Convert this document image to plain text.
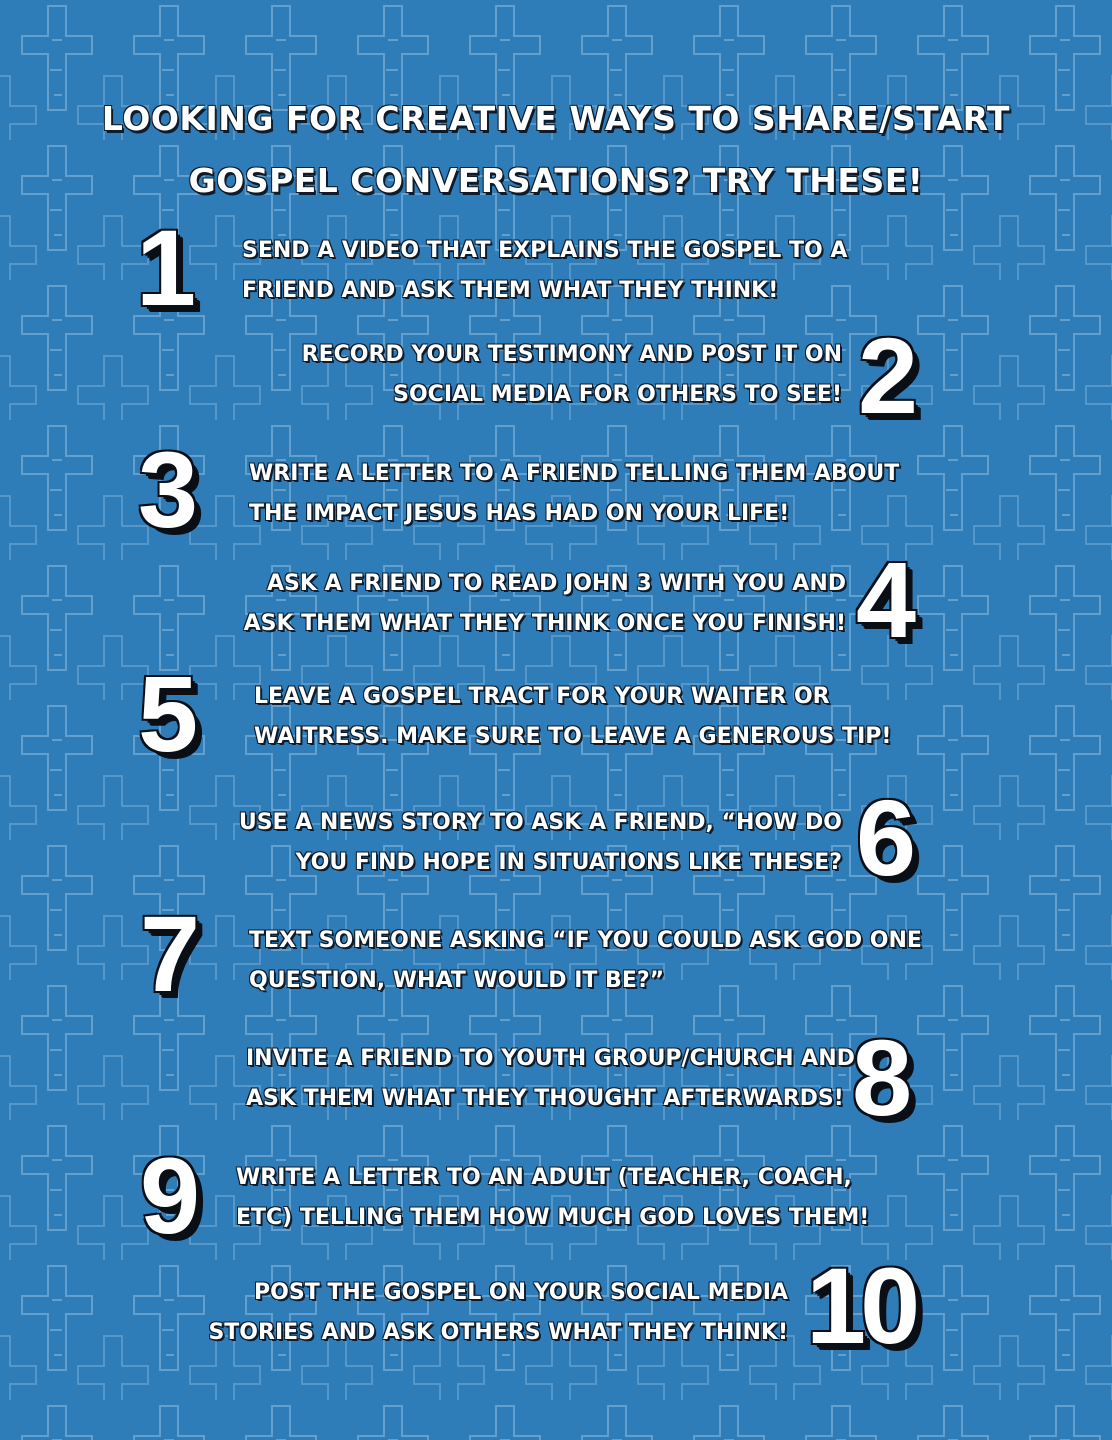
LOOKING FOR CREATIVE WAYS TO SHARE/START
GOSPEL CONVERSATIONS? TRY THESE!
1 SEND A VIDEO THAT EXPLAINS THE GOSPEL TO A
FRIEND AND ASK THEM WHAT THEY THINK!
2
RECORD YOUR TESTIMONY AND POST IT ON
SOCIAL MEDIA FOR OTHERS TO SEE!
3	WRITE A LETTER TO A FRIEND TELLING THEM ABOUT
THE IMPACT JESUS HAS HAD ON YOUR LIFE!
4
ASK A FRIEND TO READ JOHN 3 WITH YOU AND
ASK THEM WHAT THEY THINK ONCE YOU FINISH!
5	LEAVE A GOSPEL TRACT FOR YOUR WAITER OR
WAITRESS. MAKE SURE TO LEAVE A GENEROUS TIP!
6
USE A NEWS STORY TO ASK A FRIEND, “HOW DO
YOU FIND HOPE IN SITUATIONS LIKE THESE?
7 TEXT SOMEONE ASKING “IF YOU COULD ASK GOD ONE
QUESTION, WHAT WOULD IT BE?”
8
INVITE A FRIEND TO YOUTH GROUP/CHURCH AND
ASK THEM WHAT THEY THOUGHT AFTERWARDS!
9 WRITE A LETTER TO AN ADULT (TEACHER, COACH,
ETC) TELLING THEM HOW MUCH GOD LOVES THEM!
10
POST THE GOSPEL ON YOUR SOCIAL MEDIA
STORIES AND ASK OTHERS WHAT THEY THINK!
